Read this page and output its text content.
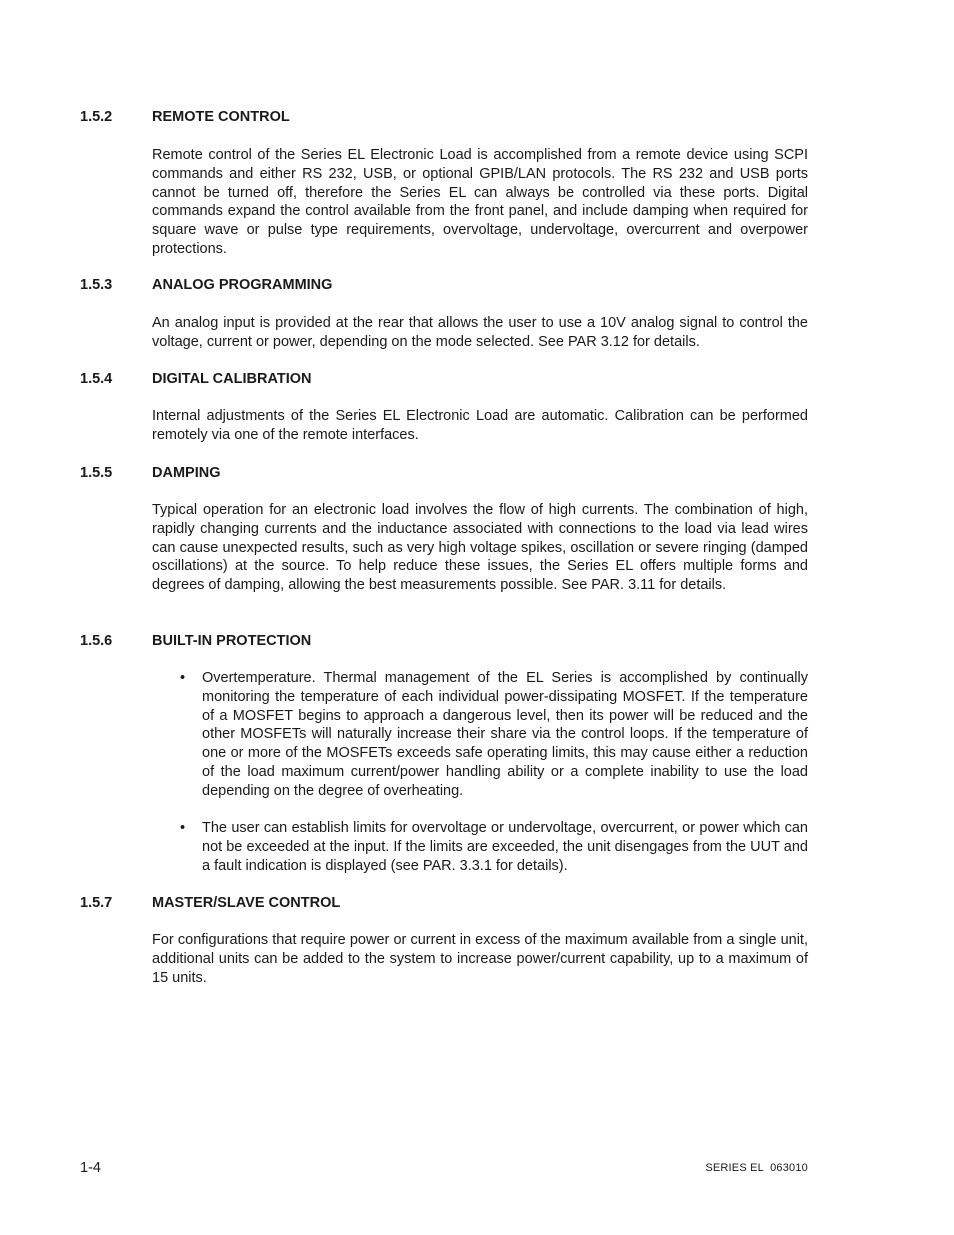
1.5.2	REMOTE CONTROL

Remote control of the Series EL Electronic Load is accomplished from a remote device using SCPI commands and either RS 232, USB, or optional GPIB/LAN protocols. The RS 232 and USB ports cannot be turned off, therefore the Series EL can always be controlled via these ports. Digital commands expand the control available from the front panel, and include damping when required for square wave or pulse type requirements, overvoltage, undervoltage, overcurrent and overpower protections.

1.5.3	ANALOG PROGRAMMING

An analog input is provided at the rear that allows the user to use a 10V analog signal to control the voltage, current or power, depending on the mode selected. See PAR 3.12 for details.

1.5.4	DIGITAL CALIBRATION

Internal adjustments of the Series EL Electronic Load are automatic. Calibration can be performed remotely via one of the remote interfaces.

1.5.5	DAMPING

Typical operation for an electronic load involves the flow of high currents. The combination of high, rapidly changing currents and the inductance associated with connections to the load via lead wires can cause unexpected results, such as very high voltage spikes, oscillation or severe ringing (damped oscillations) at the source. To help reduce these issues, the Series EL offers multiple forms and degrees of damping, allowing the best measurements possible. See PAR. 3.11 for details.

1.5.6	BUILT-IN PROTECTION
• Overtemperature. Thermal management of the EL Series is accomplished by continually monitoring the temperature of each individual power-dissipating MOSFET. If the temperature of a MOSFET begins to approach a dangerous level, then its power will be reduced and the other MOSFETs will naturally increase their share via the control loops. If the temperature of one or more of the MOSFETs exceeds safe operating limits, this may cause either a reduction of the load maximum current/power handling ability or a complete inability to use the load depending on the degree of overheating.
• The user can establish limits for overvoltage or undervoltage, overcurrent, or power which can not be exceeded at the input. If the limits are exceeded, the unit disengages from the UUT and a fault indication is displayed (see PAR. 3.3.1 for details).
1.5.7	MASTER/SLAVE CONTROL

For configurations that require power or current in excess of the maximum available from a single unit, additional units can be added to the system to increase power/current capability, up to a maximum of 15 units.

1-4	SERIES EL  063010
